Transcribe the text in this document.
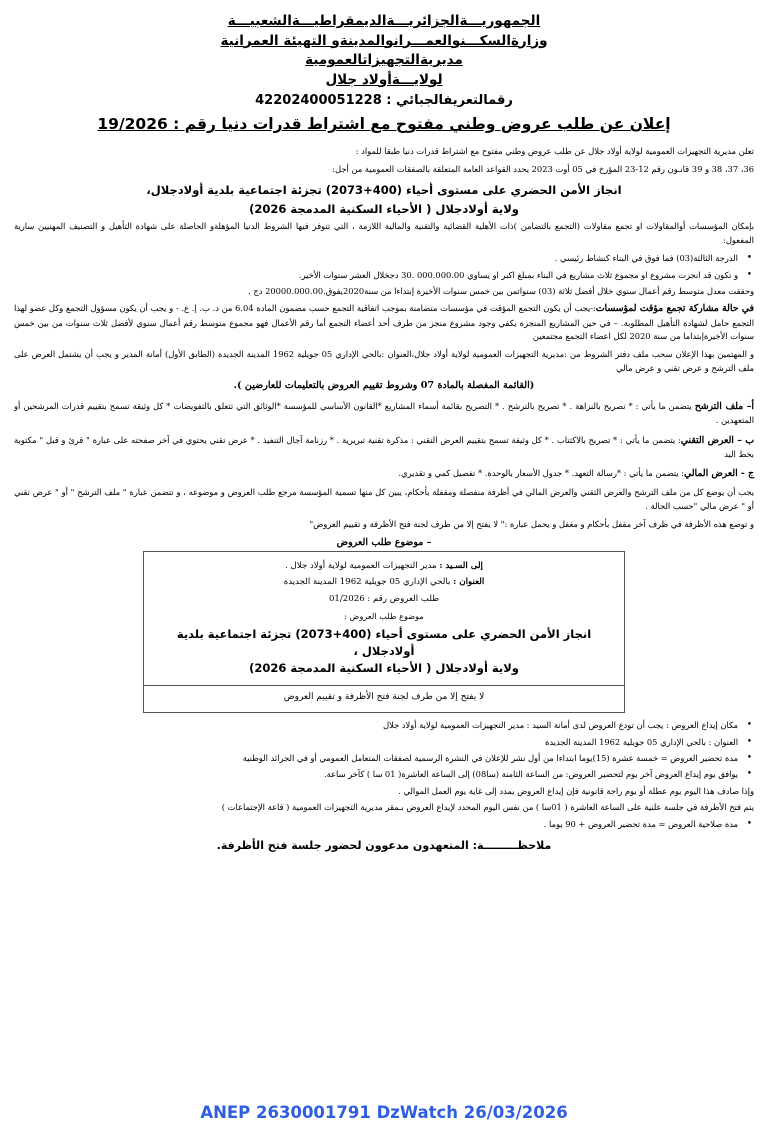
الجمهوريـــةالجزائريـــةالديمقراطيـــةالشعبيـــة
وزارةالسكـــنوالعمـــرانوالمدينةو التهيئة العمرانية
مديريةالتجهيزاتالعمومية
لولايـــةأولاد جلال
رقمالتعريفالجبائي : 42202400051228
إعلان عن طلب عروض وطني مفتوح مع اشتراط قدرات دنيا رقم : 19/2026

تعلن مديرية التجهيزات العمومية لولاية أولاد جلال عن طلب عروض وطني مفتوح مع اشتراط قدرات دنيا طبقا للمواد :

36، 37، 38 و 39 قانـون رقم 12-23 المؤرخ في 05 أوت 2023 يحدد القواعد العامة المتعلقة بالصفقات العمومية من أجل:

انجاز الأمن الحضري على مستوى أحياء (400+2073) تجزئة اجتماعية بلدية أولادجلال،
ولاية أولادجلال ( الأحياء السكنية المدمجة 2026)

بإمكان المؤسسات أوالمقاولات او تجمع مقاولات (التجمع بالتضامن )ذات الأهلية القضائية والتقنية والمالية اللازمة ، التي تتوفر فيها الشروط الدنيا المؤهلةو الحاصلة على شهادة التأهيل و التصنيف المهنيين سارية المفعول:

• الدرجة الثالثة(03) فما فوق في البناء كنشاط رئيسي .
• و تكون قد انجزت مشروع او مجموع ثلاث مشاريع في البناء بمبلغ اكبر او يساوي 000.000.00 .30 دجخلال العشر سنوات الأخير.
وحققت معدل متوسط رقم أعمال سنوي خلال أفضل ثلاثة (03) سنواتمن بين خمس سنوات الأخيرة إبتداءا من سنة2020يفوق.20000.000.00 دج .

في حالة مشاركة تجمع مؤقت لمؤسسات:-يجب أن يكون التجمع المؤقت في مؤسسات متضامنة بموجب اتفاقية التجمع حسب مضمون المادة 6.04 من د. ب. إ. ع. - و يجب أن يكون مسؤول التجمع وكل عضو لهذا التجمع حامل لشهادة التأهيل المطلوبة. – في حين المشاريع المنجزة يكفي وجود مشروع منجز من طرف أحد أعضاء التجمع أما رقم الأعمال فهو مجموع متوسط رقم أعمال سنوي لأفضل ثلاث سنوات من بين خمس سنوات الأخيرةإبتداما من سنة 2020 لكل اعضاء التجمع مجتمعين

و المهتمين بهذا الإعلان سحب ملف دفتر الشروط من :مديرية التجهيزات العمومية لولاية أولاد جلال،العنوان :بالحي الإداري 05 جويلية 1962 المدينة الجديدة (الطابق الأول) أمانة المدير و يجب أن يشتمل العرض على ملف الترشح و عرض تقني و عرض مالي

(القائمة المفصلة بالمادة 07 وشروط تقييم العروض بالتعليمات للعارضين ).

أ– ملف الترشح يتضمن ما يأتي : * تصريح بالنزاهة . * تصريح بالترشح . * التصريح بقائمة أسماء المشاريع *القانون الأساسي للمؤسسة *الوثائق التي تتعلق بالتفويضات * كل وثيقة تسمح بتقييم قدرات المرشحين أو المتعهدين .

ب – العرض التقني: يتضمن ما يأتي : * تصريح بالاكتتاب . * كل وثيقة تسمح بتقييم العرض التقني : مذكرة تقنية تبريرية . * رزنامة آجال التنفيذ . * عرض تقني يحتوي في آخر صفحته على عبارة " قرئ و قبل " مكتوبة بخط اليد

ج - العرض المالي: يتضمن ما يأتي : *رسالة التعهد. * جدول الأسعار بالوحدة. * تفصيل كمي و تقديري.

يجب أن يوضع كل من ملف الترشح والعرض التقني والعرض المالي في أظرفة منفصلة ومقفلة بأحكام، يبين كل منها تسمية المؤسسة مرجع طلب العروض و موضوعه ، و تتضمن عبارة " ملف الترشح " أو " عرض تقني أو " عرض مالي "حسب الحالة .

و توضع هذه الأظرفة في ظرف آخر مقفل بأحكام و مغفل و يحمل عبارة :" لا يفتح إلا من طرف لجنة فتح الأظرفة و تقييم العروض"

– موضوع طلب العروض
إلى السـيد : مدير التجهيزات العمومية لولاية أولاد جلال .
العنوان : بالحي الإداري 05 جويلية 1962 المدينة الجديدة
طلب العروض رقم : 01/2026
موضوع طلب العروض :
انجاز الأمن الحضري على مستوى أحياء (400+2073) تجزئة اجتماعية بلدية أولادجلال ،
ولاية أولادجلال ( الأحياء السكنية المدمجة 2026)
لا يفتح إلا من طرف لجنة فتح الأظرفة و تقييم العروض
• مكان إيداع العروض : يجب أن تودع العروض لدى أمانة السيد : مدير التجهيزات العمومية لولاية أولاد جلال
• العنوان : بالحي الإداري 05 جويلية 1962 المدينة الجديدة
• مدة تحضير العروض = خمسة عشرة (15)يوما ابتداءا من أول نشر للإعلان في النشرة الرسمية لصفقات المتعامل العمومي أو في الجرائد الوطنية
• يوافق يوم إيداع العروض آخر يوم لتحضير العروض: من الساعة الثامنة (سا08) إلى الساعة العاشرة( 01 سا ) كآخر ساعة.
وإذا صادف هذا اليوم يوم عطلة أو يوم راحة قانونية فإن إيداع العروض يمدد إلى غاية يوم العمل الموالي .
يتم فتح الأظرفة في جلسة علنية على الساعة العاشرة ( 01سا ) من نفس اليوم المحدد لإيداع العروض بـمقر مديرية التجهيزات العمومية ( قاعة الإجتماعات )
• مدة صلاحية العروض = مدة تحضير العروض + 90 يوما .
ملاحظـــــــــة: المتعهدون مدعوون لحضور جلسة فتح الأظرفة.
ANEP 2630001791 DzWatch 26/03/2026
